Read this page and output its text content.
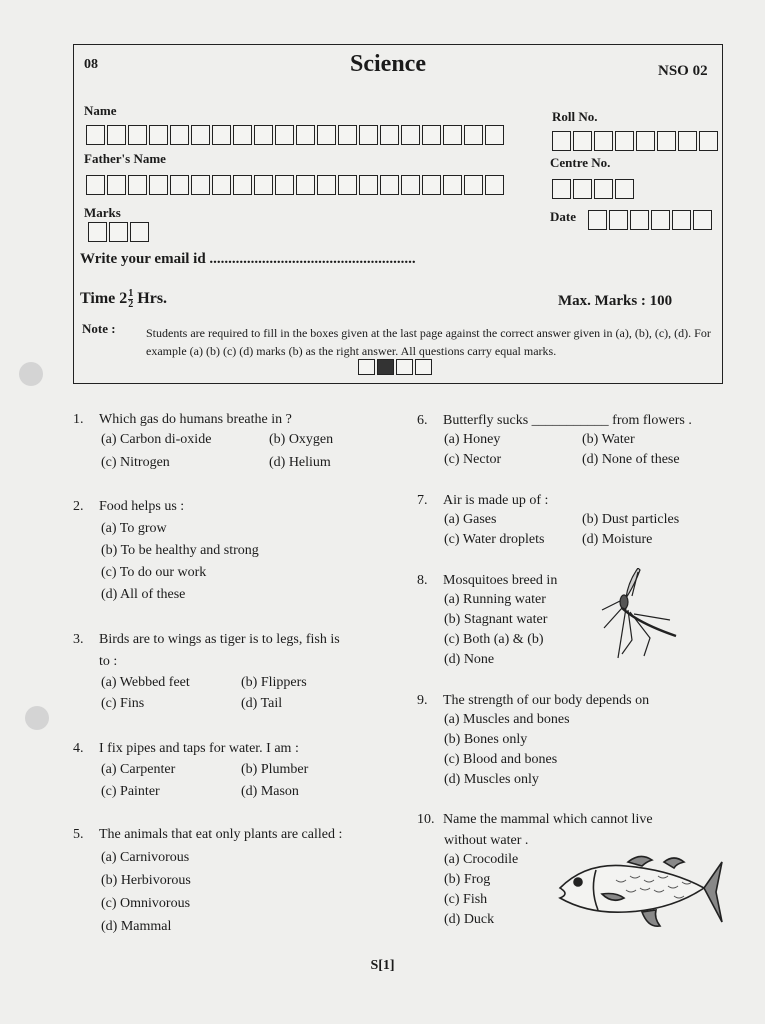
08	Science	NSO 02
Name	Roll No.
Father's Name	Centre No.
Marks	Date
Write your email id .......................................................
Time $2 \frac{1}{2}$ Hrs.	Max. Marks : 100
Note :	Students are required to fill in the boxes given at the last page against the correct answer given in (a), (b), (c), (d). For example (a) (b) (c) (d) marks (b) as the right answer. All questions carry equal marks.
1. Which gas do humans breathe in ?
(a) Carbon di-oxide	(b) Oxygen
(c) Nitrogen	(d) Helium
2. Food helps us :
(a) To grow
(b) To be healthy and strong
(c) To do our work
(d) All of these
3. Birds are to wings as tiger is to legs, fish is
to :
(a) Webbed feet	(b) Flippers
(c) Fins	(d) Tail
4. I fix pipes and taps for water. I am :
(a) Carpenter	(b) Plumber
(c) Painter	(d) Mason
5. The animals that eat only plants are called :
(a) Carnivorous
(b) Herbivorous
(c) Omnivorous
(d) Mammal
6. Butterfly sucks ___________ from flowers .
(a) Honey	(b) Water
(c) Nector	(d) None of these
7. Air is made up of :
(a) Gases	(b) Dust particles
(c) Water droplets	(d) Moisture
8. Mosquitoes breed in
(a) Running water
(b) Stagnant water
(c) Both (a) & (b)
(d) None
9. The strength of our body depends on
(a) Muscles and bones
(b) Bones only
(c) Blood and bones
(d) Muscles only
10. Name the mammal which cannot live
without water .
(a) Crocodile
(b) Frog
(c) Fish
(d) Duck
S[1]
